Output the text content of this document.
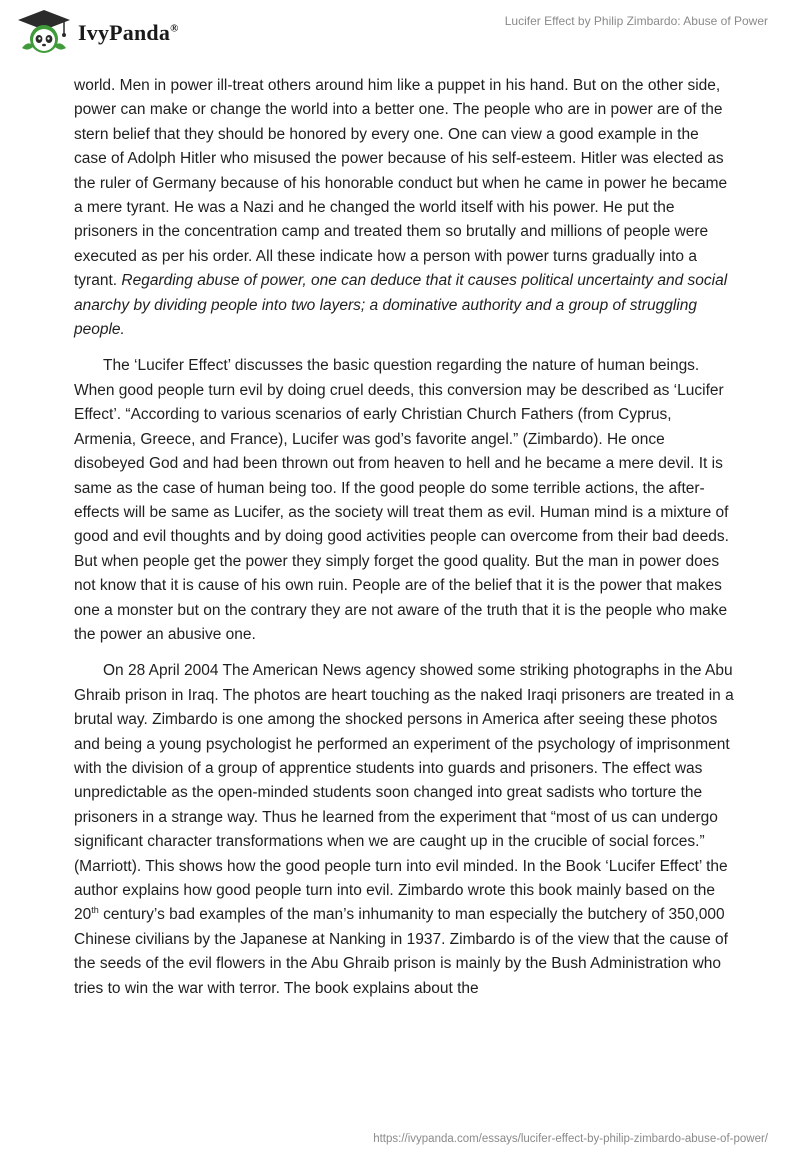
IvyPanda®
Lucifer Effect by Philip Zimbardo: Abuse of Power

world. Men in power ill-treat others around him like a puppet in his hand. But on the other side, power can make or change the world into a better one. The people who are in power are of the stern belief that they should be honored by every one. One can view a good example in the case of Adolph Hitler who misused the power because of his self-esteem. Hitler was elected as the ruler of Germany because of his honorable conduct but when he came in power he became a mere tyrant. He was a Nazi and he changed the world itself with his power. He put the prisoners in the concentration camp and treated them so brutally and millions of people were executed as per his order. All these indicate how a person with power turns gradually into a tyrant. Regarding abuse of power, one can deduce that it causes political uncertainty and social anarchy by dividing people into two layers; a dominative authority and a group of struggling people.

The ‘Lucifer Effect’ discusses the basic question regarding the nature of human beings. When good people turn evil by doing cruel deeds, this conversion may be described as ‘Lucifer Effect’. “According to various scenarios of early Christian Church Fathers (from Cyprus, Armenia, Greece, and France), Lucifer was god’s favorite angel.” (Zimbardo). He once disobeyed God and had been thrown out from heaven to hell and he became a mere devil. It is same as the case of human being too. If the good people do some terrible actions, the after-effects will be same as Lucifer, as the society will treat them as evil. Human mind is a mixture of good and evil thoughts and by doing good activities people can overcome from their bad deeds. But when people get the power they simply forget the good quality. But the man in power does not know that it is cause of his own ruin. People are of the belief that it is the power that makes one a monster but on the contrary they are not aware of the truth that it is the people who make the power an abusive one.

On 28 April 2004 The American News agency showed some striking photographs in the Abu Ghraib prison in Iraq. The photos are heart touching as the naked Iraqi prisoners are treated in a brutal way. Zimbardo is one among the shocked persons in America after seeing these photos and being a young psychologist he performed an experiment of the psychology of imprisonment with the division of a group of apprentice students into guards and prisoners. The effect was unpredictable as the open-minded students soon changed into great sadists who torture the prisoners in a strange way. Thus he learned from the experiment that “most of us can undergo significant character transformations when we are caught up in the crucible of social forces.” (Marriott). This shows how the good people turn into evil minded. In the Book ‘Lucifer Effect’ the author explains how good people turn into evil. Zimbardo wrote this book mainly based on the 20th century’s bad examples of the man’s inhumanity to man especially the butchery of 350,000 Chinese civilians by the Japanese at Nanking in 1937. Zimbardo is of the view that the cause of the seeds of the evil flowers in the Abu Ghraib prison is mainly by the Bush Administration who tries to win the war with terror. The book explains about the

https://ivypanda.com/essays/lucifer-effect-by-philip-zimbardo-abuse-of-power/
